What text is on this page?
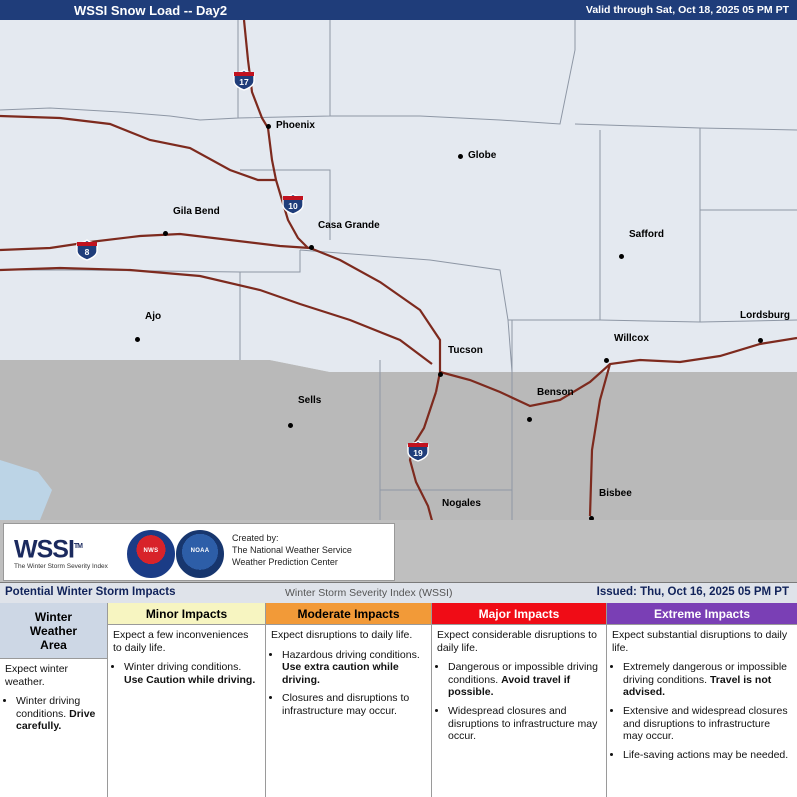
WSSI Snow Load -- Day2	Valid through Sat, Oct 18, 2025 05 PM PT
17
10
8
19
Phoenix
Globe
Gila Bend
Casa Grande
Safford
Ajo	Lordsburg
Willcox
Tucson
Benson
Sells
Bisbee
Nogales
WSSI™
The Winter Storm Severity Index
NWS	NOAA
Created by:
The National Weather Service
Weather Prediction Center
Potential Winter Storm Impacts	Winter Storm Severity Index (WSSI)	Issued: Thu, Oct 16, 2025 05 PM PT
Winter
Weather
Area

Expect winter weather.

• Winter driving conditions. Drive carefully.
Minor Impacts

Expect a few inconveniences to daily life.

• Winter driving conditions. Use Caution while driving.
Moderate Impacts

Expect disruptions to daily life.

• Hazardous driving conditions. Use extra caution while driving.
• Closures and disruptions to infrastructure may occur.
Major Impacts

Expect considerable disruptions to daily life.

• Dangerous or impossible driving conditions. Avoid travel if possible.
• Widespread closures and disruptions to infrastructure may occur.
Extreme Impacts

Expect substantial disruptions to daily life.

• Extremely dangerous or impossible driving conditions. Travel is not advised.
• Extensive and widespread closures and disruptions to infrastructure may occur.
• Life-saving actions may be needed.
